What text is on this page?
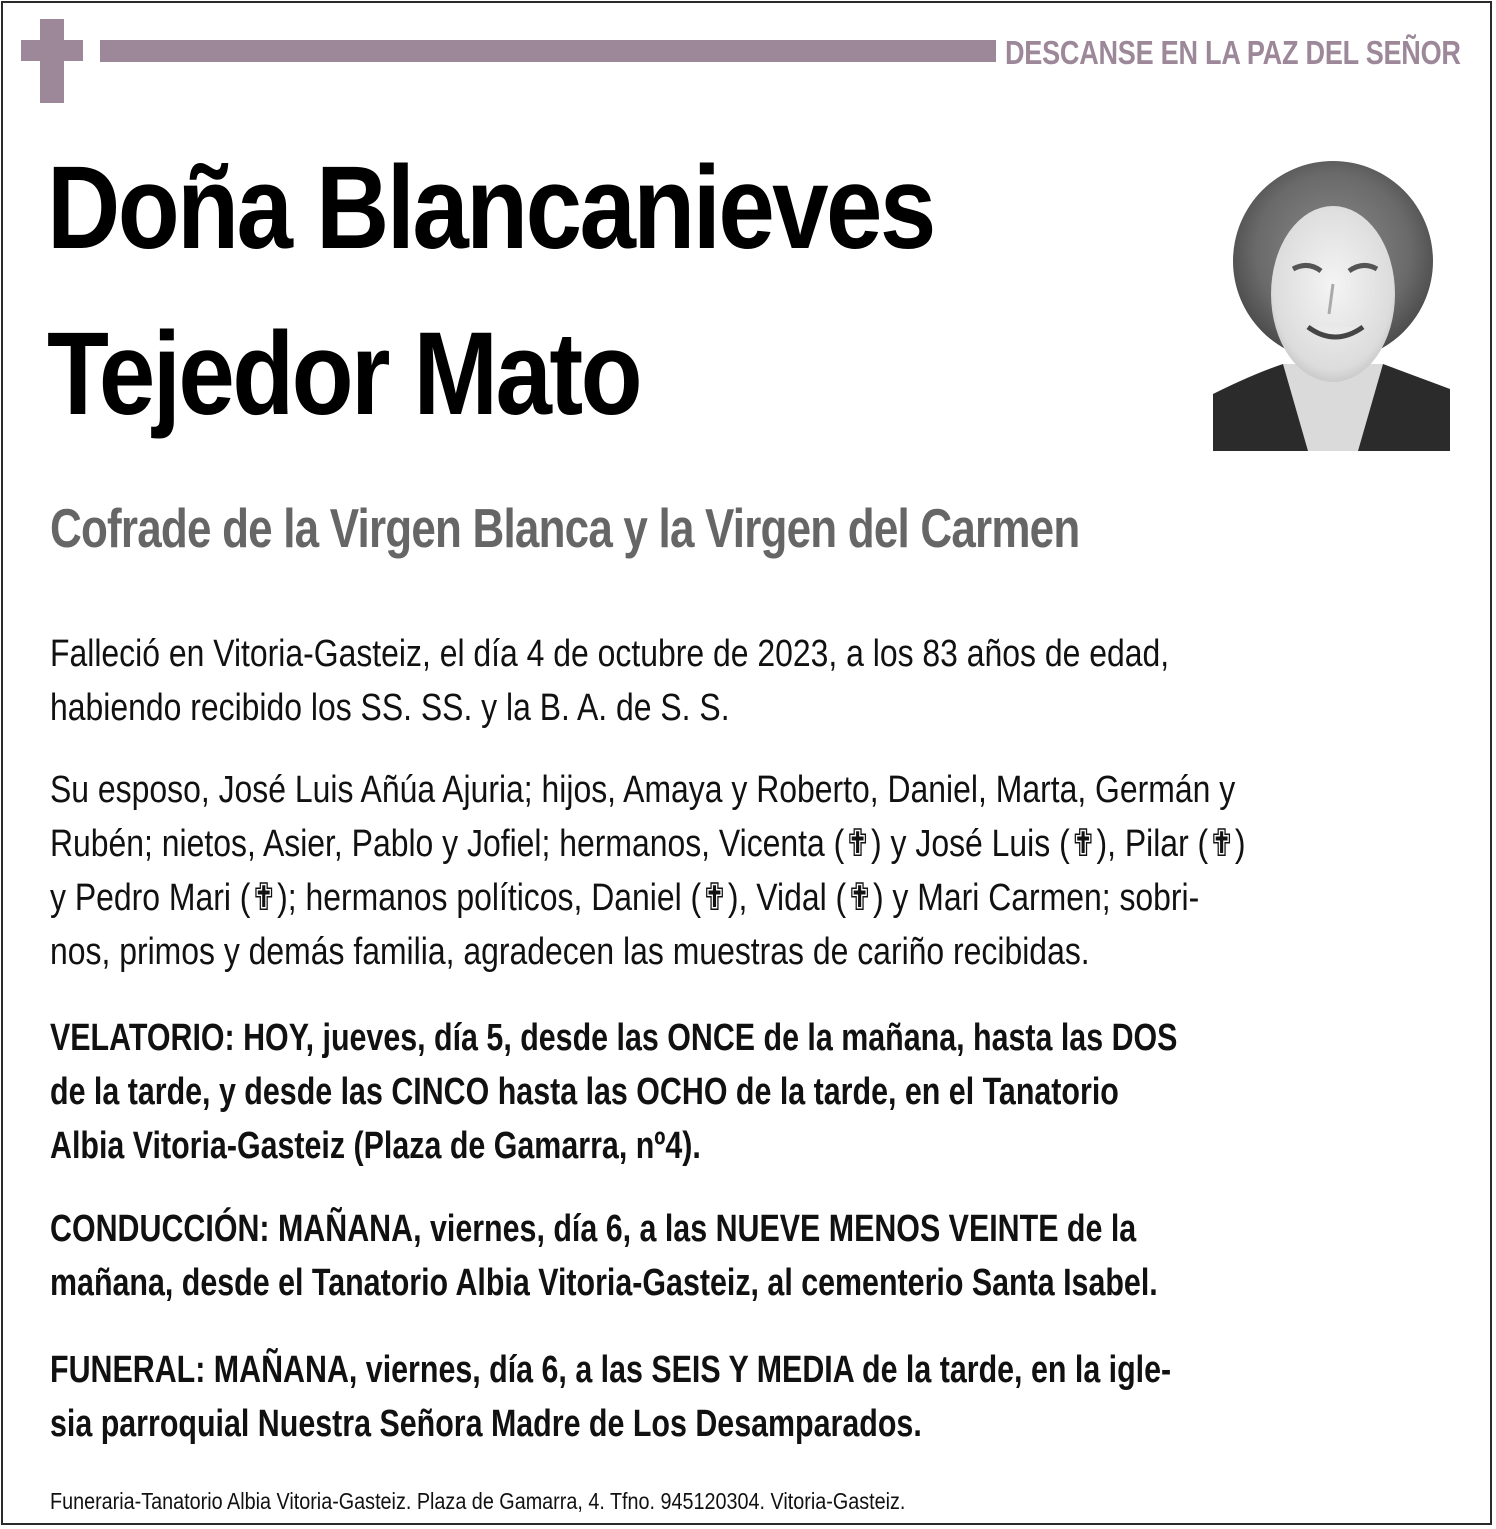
DESCANSE EN LA PAZ DEL SEÑOR
Doña Blancanieves
Tejedor Mato
Cofrade de la Virgen Blanca y la Virgen del Carmen
Falleció en Vitoria-Gasteiz, el día 4 de octubre de 2023, a los 83 años de edad,
habiendo recibido los SS. SS. y la B. A. de S. S.
Su esposo, José Luis Añúa Ajuria; hijos, Amaya y Roberto, Daniel, Marta, Germán y
Rubén; nietos, Asier, Pablo y Jofiel; hermanos, Vicenta (✟) y José Luis (✟), Pilar (✟)
y Pedro Mari (✟); hermanos políticos, Daniel (✟), Vidal (✟) y Mari Carmen; sobri-
nos, primos y demás familia, agradecen las muestras de cariño recibidas.
VELATORIO: HOY, jueves, día 5, desde las ONCE de la mañana, hasta las DOS
de la tarde, y desde las CINCO hasta las OCHO de la tarde, en el Tanatorio
Albia Vitoria-Gasteiz (Plaza de Gamarra, nº4).
CONDUCCIÓN: MAÑANA, viernes, día 6, a las NUEVE MENOS VEINTE de la
mañana, desde el Tanatorio Albia Vitoria-Gasteiz, al cementerio Santa Isabel.
FUNERAL: MAÑANA, viernes, día 6, a las SEIS Y MEDIA de la tarde, en la igle-
sia parroquial Nuestra Señora Madre de Los Desamparados.
Funeraria-Tanatorio Albia Vitoria-Gasteiz. Plaza de Gamarra, 4. Tfno. 945120304. Vitoria-Gasteiz.
